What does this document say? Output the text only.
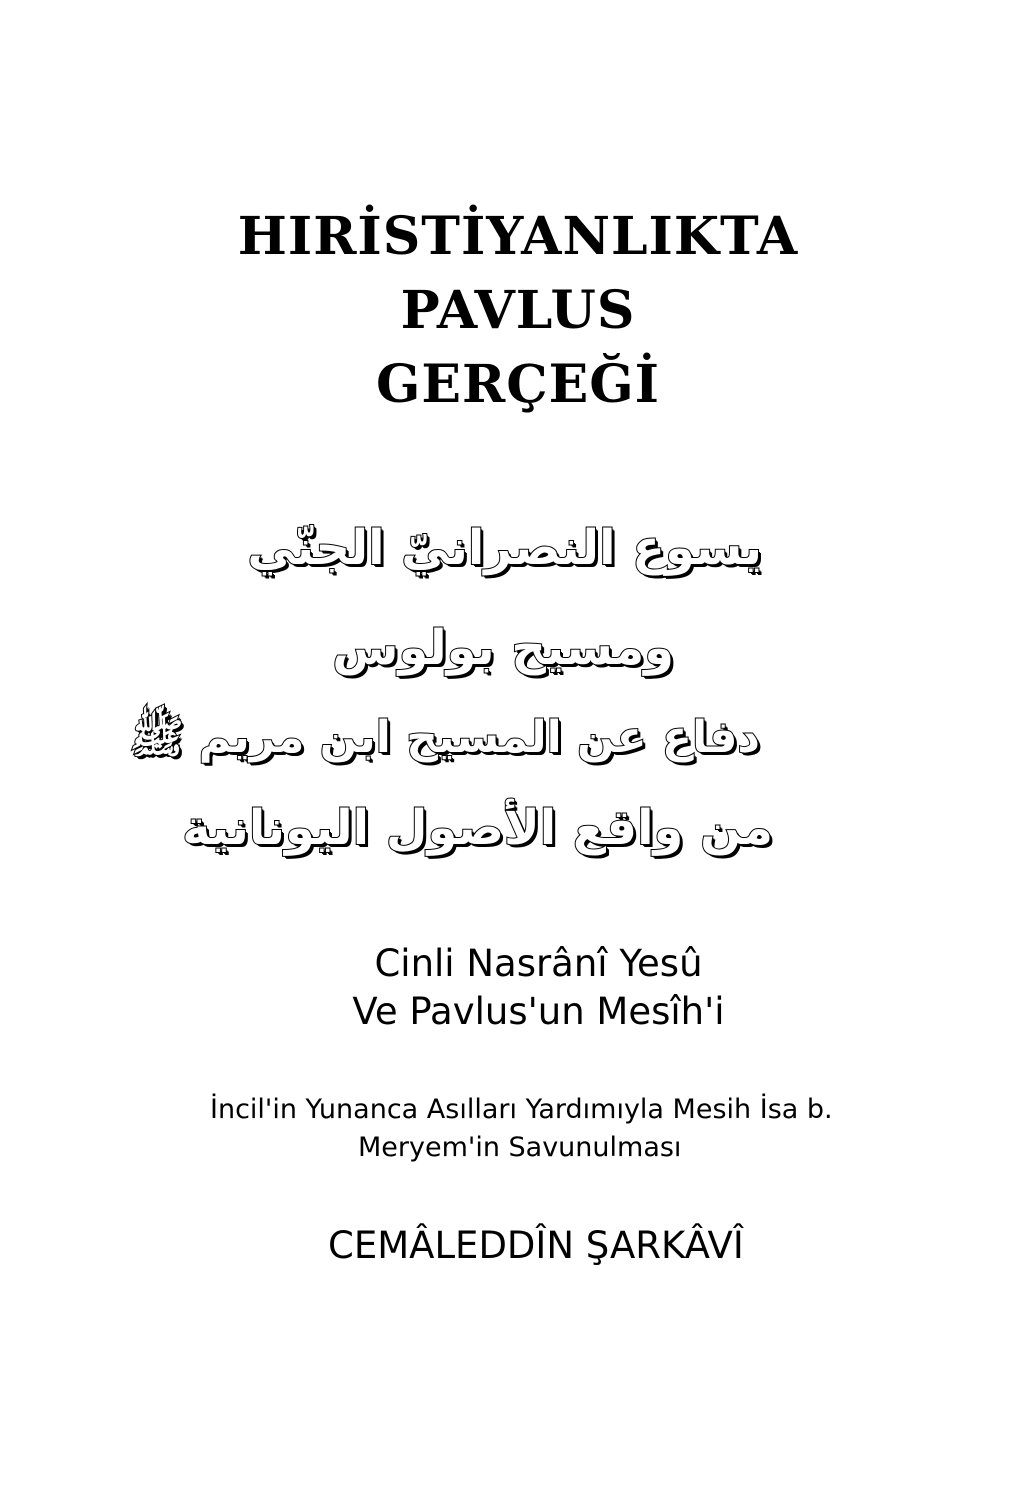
HIRİSTİYANLIKTA
PAVLUS
GERÇEĞİ
يسوع النصرانيّ الجنّي
ومسيح بولوس
دفاع عن المسيح ابن مريم ﷺ
من واقع الأصول اليونانية
Cinli Nasrânî Yesû
Ve Pavlus'un Mesîh'i
İncil'in Yunanca Asılları Yardımıyla Mesih İsa b.
Meryem'in Savunulması
CEMÂLEDDÎN ŞARKÂVÎ
